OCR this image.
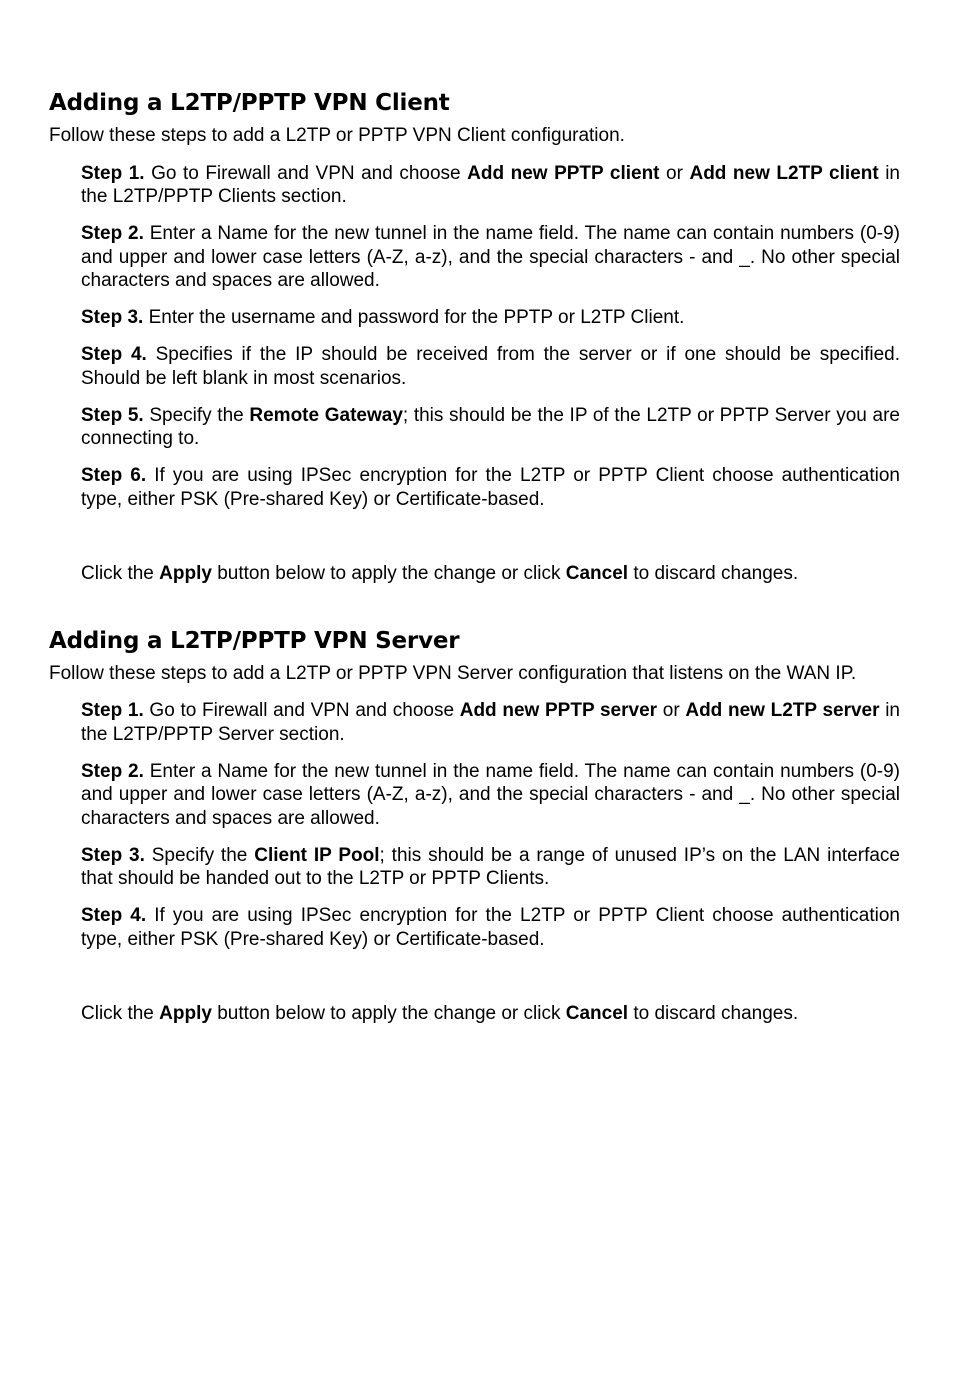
Adding a L2TP/PPTP VPN Client

Follow these steps to add a L2TP or PPTP VPN Client configuration.

Step 1. Go to Firewall and VPN and choose Add new PPTP client or Add new L2TP client in the L2TP/PPTP Clients section.

Step 2. Enter a Name for the new tunnel in the name field. The name can contain numbers (0-9) and upper and lower case letters (A-Z, a-z), and the special characters - and _. No other special characters and spaces are allowed.

Step 3. Enter the username and password for the PPTP or L2TP Client.

Step 4. Specifies if the IP should be received from the server or if one should be specified. Should be left blank in most scenarios.

Step 5. Specify the Remote Gateway; this should be the IP of the L2TP or PPTP Server you are connecting to.

Step 6. If you are using IPSec encryption for the L2TP or PPTP Client choose authentication type, either PSK (Pre-shared Key) or Certificate-based.

Click the Apply button below to apply the change or click Cancel to discard changes.

Adding a L2TP/PPTP VPN Server

Follow these steps to add a L2TP or PPTP VPN Server configuration that listens on the WAN IP.

Step 1. Go to Firewall and VPN and choose Add new PPTP server or Add new L2TP server in the L2TP/PPTP Server section.

Step 2. Enter a Name for the new tunnel in the name field. The name can contain numbers (0-9) and upper and lower case letters (A-Z, a-z), and the special characters - and _. No other special characters and spaces are allowed.

Step 3. Specify the Client IP Pool; this should be a range of unused IP’s on the LAN interface that should be handed out to the L2TP or PPTP Clients.

Step 4. If you are using IPSec encryption for the L2TP or PPTP Client choose authentication type, either PSK (Pre-shared Key) or Certificate-based.

Click the Apply button below to apply the change or click Cancel to discard changes.
